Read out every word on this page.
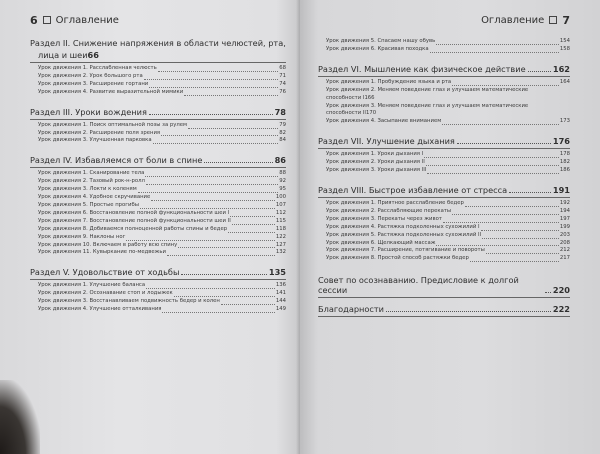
6 Оглавление
Раздел II. Снижение напряжения в области челюстей, рта,
лица и шеи 66
Урок движения 1. Расслабленная челюсть	68
Урок движения 2. Урок большого рта	71
Урок движения 3. Расширение гортани	74
Урок движения 4. Развитие выразительной мимики	76
Раздел III. Уроки вождения	78
Урок движения 1. Поиск оптимальной позы за рулем	79
Урок движения 2. Расширение поля зрения	82
Урок движения 3. Улучшенная парковка	84
Раздел IV. Избавляемся от боли в спине	86
Урок движения 1. Сканирование тела	88
Урок движения 2. Тазовый рок-н-ролл	92
Урок движения 3. Локти к коленям	95
Урок движения 4. Удобное скручивание	100
Урок движения 5. Простые прогибы	107
Урок движения 6. Восстановление полной функциональности шеи I	112
Урок движения 7. Восстановление полной функциональности шеи II	115
Урок движения 8. Добиваемся полноценной работы спины и бедер	118
Урок движения 9. Наклоны ног	122
Урок движения 10. Включаем в работу всю спину	127
Урок движения 11. Кувыркание по-медвежьи	132
Раздел V. Удовольствие от ходьбы	135
Урок движения 1. Улучшение баланса	136
Урок движения 2. Осознавание стоп и лодыжек	141
Урок движения 3. Восстанавливаем подвижность бедер и колен	144
Урок движения 4. Улучшение отталкивания	149
Оглавление 7
Урок движения 5. Спасаем нашу обувь	154
Урок движения 6. Красивая походка	158
Раздел VI. Мышление как физическое действие	162
Урок движения 1. Пробуждение языка и рта	164
Урок движения 2. Меняем поведение глаз и улучшаем математические
способности I 166
Урок движения 3. Меняем поведение глаз и улучшаем математические
способности II 170
Урок движения 4. Засыпание вниманием	173
Раздел VII. Улучшение дыхания	176
Урок движения 1. Уроки дыхания I	178
Урок движения 2. Уроки дыхания II	182
Урок движения 3. Уроки дыхания III	186
Раздел VIII. Быстрое избавление от стресса	191
Урок движения 1. Приятное расслабление бедер	192
Урок движения 2. Расслабляющие перекаты	194
Урок движения 3. Перекаты через живот	197
Урок движения 4. Растяжка подколенных сухожилий I	199
Урок движения 5. Растяжка подколенных сухожилий II	203
Урок движения 6. Щелкающий массаж	208
Урок движения 7. Расширение, потягивание и повороты	212
Урок движения 8. Простой способ растяжки бедер	217
Совет по осознаванию. Предисловие к долгой сессии	220
Благодарности	222
